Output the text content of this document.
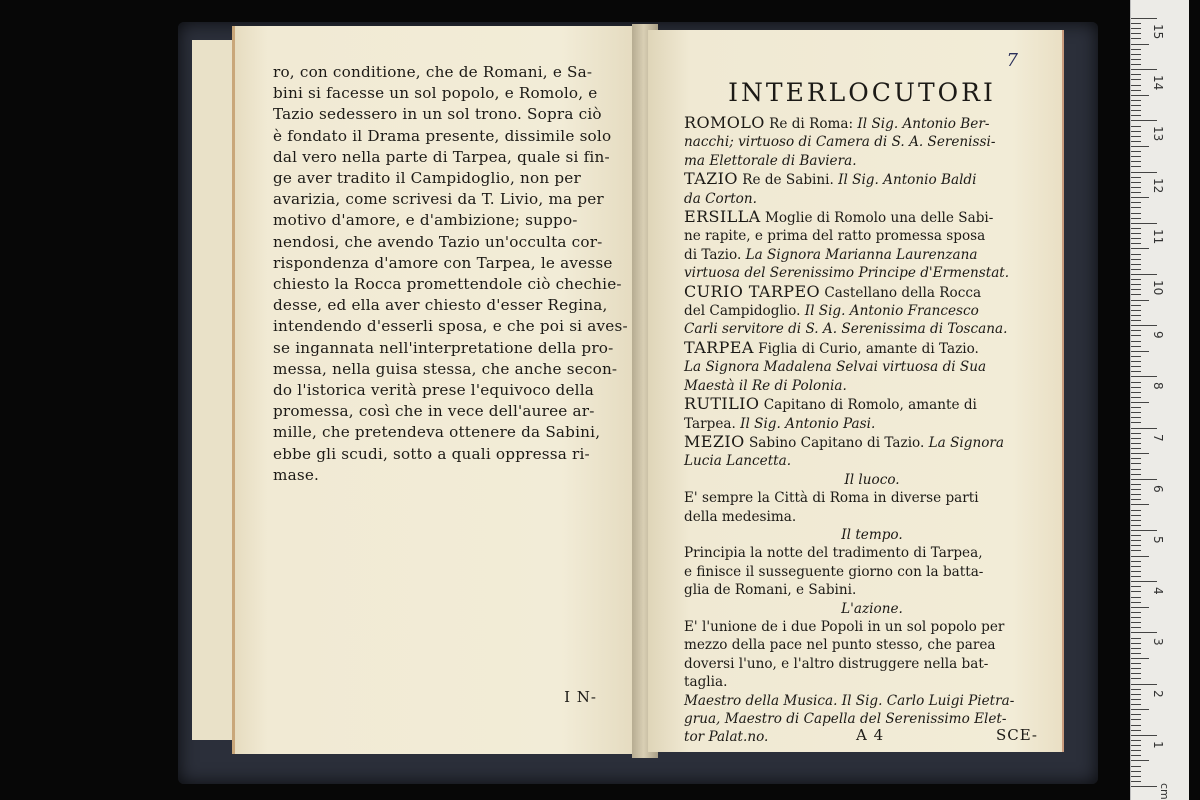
ro, con conditione, che de Romani, e Sa-
bini si facesse un sol popolo, e Romolo, e
Tazio sedessero in un sol trono. Sopra ciò
è fondato il Drama presente, dissimile solo
dal vero nella parte di Tarpea, quale si fin-
ge aver tradito il Campidoglio, non per
avarizia, come scrivesi da T. Livio, ma per
motivo d'amore, e d'ambizione; suppo-
nendosi, che avendo Tazio un'occulta cor-
rispondenza d'amore con Tarpea, le avesse
chiesto la Rocca promettendole ciò chechie-
desse, ed ella aver chiesto d'esser Regina,
intendendo d'esserli sposa, e che poi si aves-
se ingannata nell'interpretatione della pro-
messa, nella guisa stessa, che anche secon-
do l'istorica verità prese l'equivoco della
promessa, così che in vece dell'auree ar-
mille, che pretendeva ottenere da Sabini,
ebbe gli scudi, sotto a quali oppressa ri-
mase.
I N-
7
INTERLOCUTORI
ROMOLO Re di Roma: Il Sig. Antonio Ber-
nacchi; virtuoso di Camera di S. A. Serenissi-
ma Elettorale di Baviera.
TAZIO Re de Sabini. Il Sig. Antonio Baldi
da Corton.
ERSILLA Moglie di Romolo una delle Sabi-
ne rapite, e prima del ratto promessa sposa
di Tazio. La Signora Marianna Laurenzana
virtuosa del Serenissimo Principe d'Ermenstat.
CURIO TARPEO Castellano della Rocca
del Campidoglio. Il Sig. Antonio Francesco
Carli servitore di S. A. Serenissima di Toscana.
TARPEA Figlia di Curio, amante di Tazio.
La Signora Madalena Selvai virtuosa di Sua
Maestà il Re di Polonia.
RUTILIO Capitano di Romolo, amante di
Tarpea. Il Sig. Antonio Pasi.
MEZIO Sabino Capitano di Tazio. La Signora
Lucia Lancetta.
Il luoco.
E' sempre la Città di Roma in diverse parti
della medesima.
Il tempo.
Principia la notte del tradimento di Tarpea,
e finisce il susseguente giorno con la batta-
glia de Romani, e Sabini.
L'azione.
E' l'unione de i due Popoli in un sol popolo per
mezzo della pace nel punto stesso, che parea
doversi l'uno, e l'altro distruggere nella bat-
taglia.
Maestro della Musica. Il Sig. Carlo Luigi Pietra-
grua, Maestro di Capella del Serenissimo Elet-
tor Palat.no.	A 4	SCE-
cm
15
14
13
12
11
10
9
8
7
6
5
4
3
2
1
